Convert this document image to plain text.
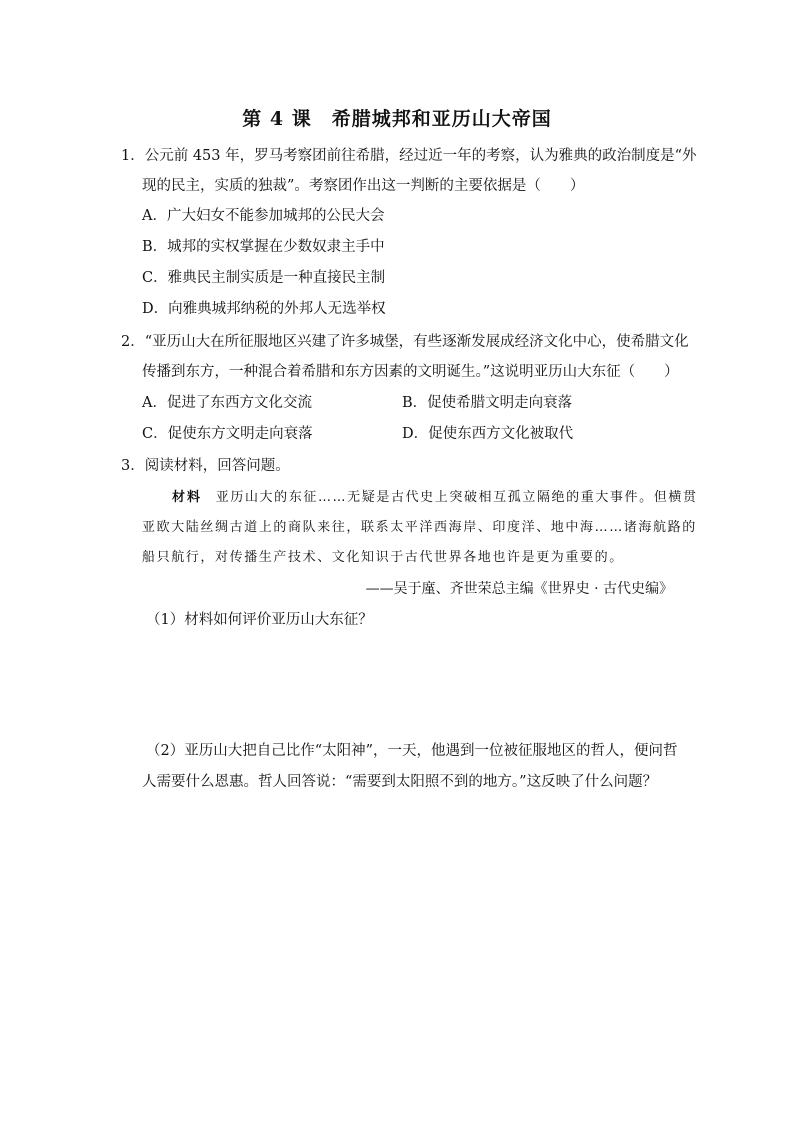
第 4 课　希腊城邦和亚历山大帝国
1．公元前 453 年，罗马考察团前往希腊，经过近一年的考察，认为雅典的政治制度是“外
现的民主，实质的独裁”。考察团作出这一判断的主要依据是（　　）
A．广大妇女不能参加城邦的公民大会
B．城邦的实权掌握在少数奴隶主手中
C．雅典民主制实质是一种直接民主制
D．向雅典城邦纳税的外邦人无选举权
2．“亚历山大在所征服地区兴建了许多城堡，有些逐渐发展成经济文化中心，使希腊文化
传播到东方，一种混合着希腊和东方因素的文明诞生。”这说明亚历山大东征（　　）
A．促进了东西方文化交流	B．促使希腊文明走向衰落
C．促使东方文明走向衰落	D．促使东西方文化被取代
3．阅读材料，回答问题。
材料 亚历山大的东征……无疑是古代史上突破相互孤立隔绝的重大事件。但横贯
亚欧大陆丝绸古道上的商队来往，联系太平洋西海岸、印度洋、地中海……诸海航路的
船只航行，对传播生产技术、文化知识于古代世界各地也许是更为重要的。
——吴于廑、齐世荣总主编《世界史 · 古代史编》
（1）材料如何评价亚历山大东征？
（2）亚历山大把自己比作“太阳神”，一天，他遇到一位被征服地区的哲人，便问哲
人需要什么恩惠。哲人回答说：“需要到太阳照不到的地方。”这反映了什么问题？
